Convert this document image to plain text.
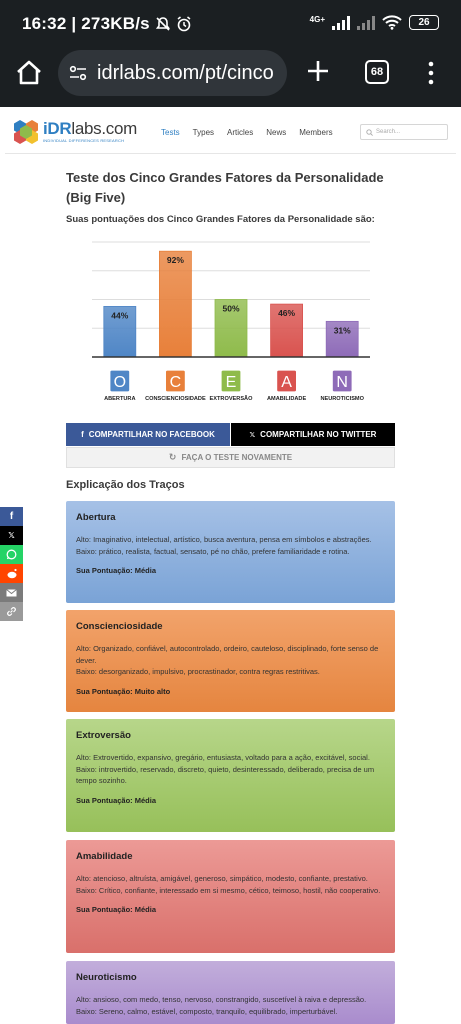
16:32 | 273KB/s	4G+	26
idrlabs.com/pt/cinco	68
iDRlabs.com
INDIVIDUAL DIFFERENCES RESEARCH
Tests Types Articles News Members	Search...
Teste dos Cinco Grandes Fatores da Personalidade (Big Five)
Suas pontuações dos Cinco Grandes Fatores da Personalidade são:
44%
O
ABERTURA
92%
C
CONSCIENCIOSIDADE
50%
E
EXTROVERSÃO
46%
A
AMABILIDADE
31%
N
NEUROTICISMO
f COMPARTILHAR NO FACEBOOK	𝕏 COMPARTILHAR NO TWITTER
↻ FAÇA O TESTE NOVAMENTE
Explicação dos Traços
Abertura
Alto: Imaginativo, intelectual, artístico, busca aventura, pensa em símbolos e abstrações.
Baixo: prático, realista, factual, sensato, pé no chão, prefere familiaridade e rotina.
Sua Pontuação: Média
Conscienciosidade
Alto: Organizado, confiável, autocontrolado, ordeiro, cauteloso, disciplinado, forte senso de dever.
Baixo: desorganizado, impulsivo, procrastinador, contra regras restritivas.
Sua Pontuação: Muito alto
Extroversão
Alto: Extrovertido, expansivo, gregário, entusiasta, voltado para a ação, excitável, social.
Baixo: introvertido, reservado, discreto, quieto, desinteressado, deliberado, precisa de um tempo sozinho.
Sua Pontuação: Média
Amabilidade
Alto: atencioso, altruísta, amigável, generoso, simpático, modesto, confiante, prestativo.
Baixo: Crítico, confiante, interessado em si mesmo, cético, teimoso, hostil, não cooperativo.
Sua Pontuação: Média
Neuroticismo
Alto: ansioso, com medo, tenso, nervoso, constrangido, suscetível à raiva e depressão.
Baixo: Sereno, calmo, estável, composto, tranquilo, equilibrado, imperturbável.
f
𝕏
